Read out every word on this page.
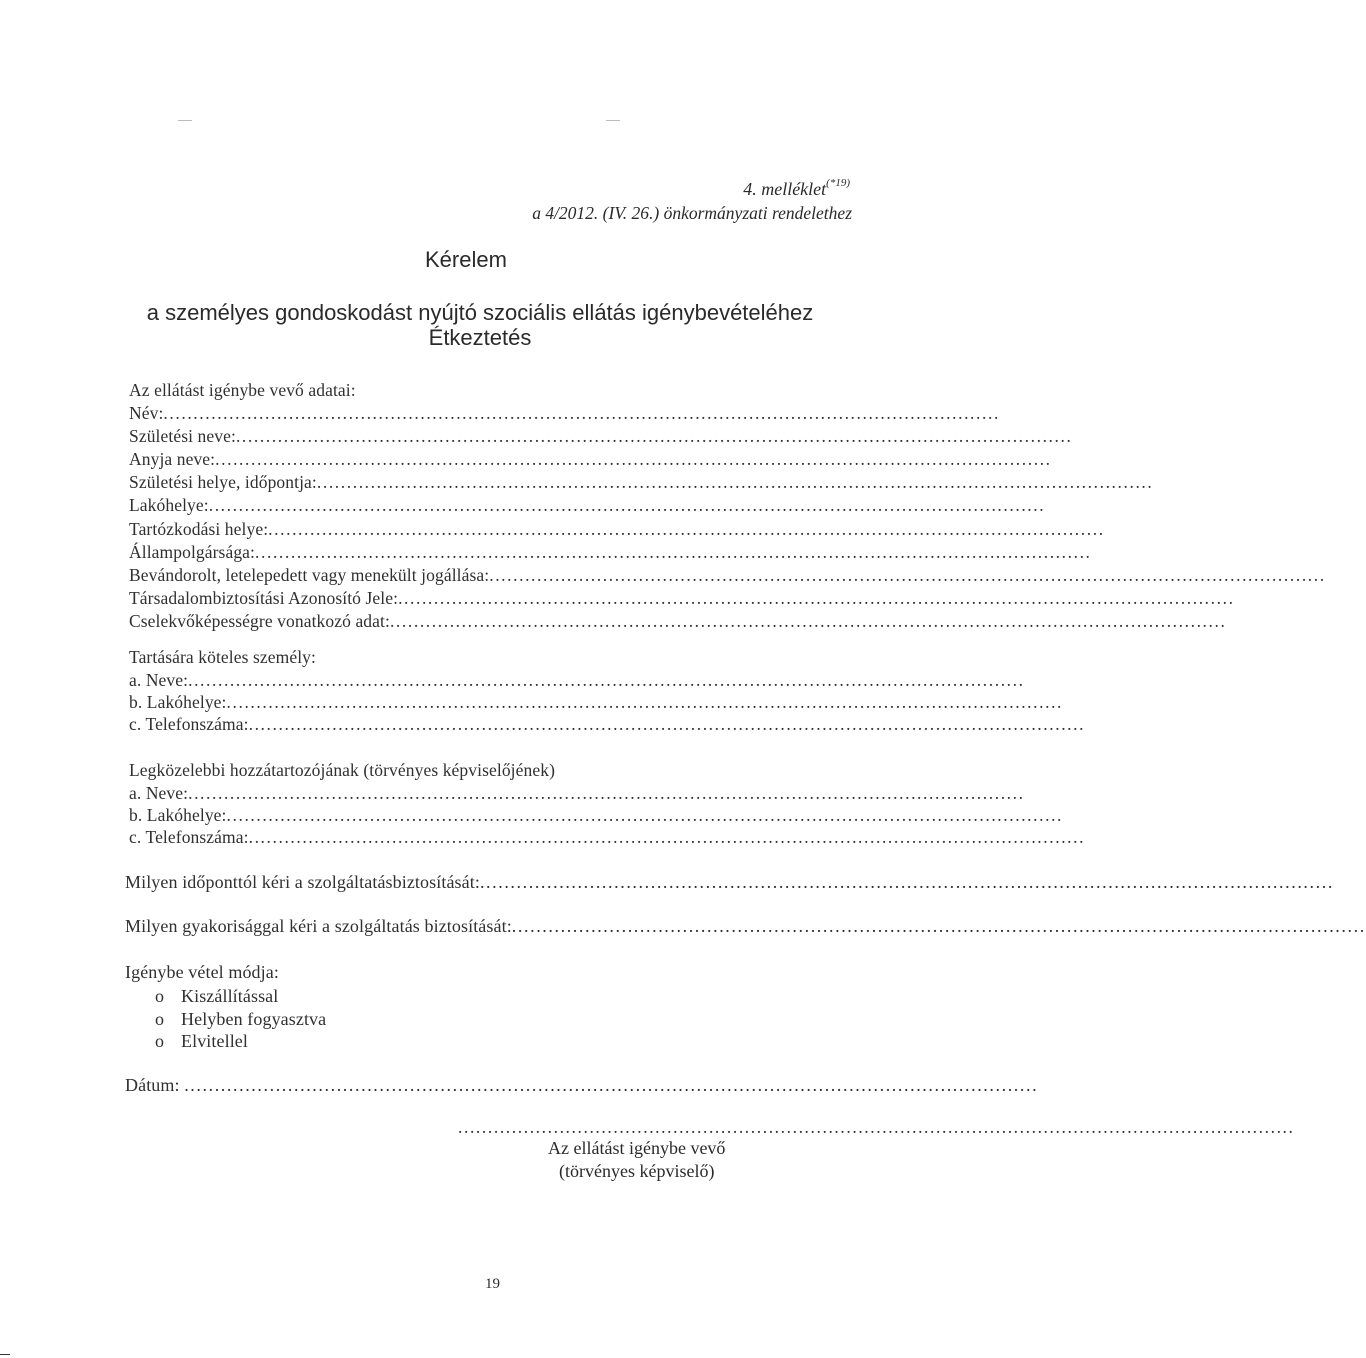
4. melléklet$^{(*19)}$
a 4/2012. (IV. 26.) önkormányzati rendelethez
Kérelem
a személyes gondoskodást nyújtó szociális ellátás igénybevételéhez
Étkeztetés
Az ellátást igénybe vevő adatai:
Név:............................................................................................................................................
Születési neve:............................................................................................................................................
Anyja neve:............................................................................................................................................
Születési helye, időpontja:............................................................................................................................................
Lakóhelye:............................................................................................................................................
Tartózkodási helye:............................................................................................................................................
Állampolgársága:............................................................................................................................................
Bevándorolt, letelepedett vagy menekült jogállása:............................................................................................................................................
Társadalombiztosítási Azonosító Jele:............................................................................................................................................
Cselekvőképességre vonatkozó adat:............................................................................................................................................
a. Neve:............................................................................................................................................
b. Lakóhelye:............................................................................................................................................
c. Telefonszáma:............................................................................................................................................
a. Neve:............................................................................................................................................
b. Lakóhelye:............................................................................................................................................
c. Telefonszáma:............................................................................................................................................
Tartására köteles személy:
Legközelebbi hozzátartozójának (törvényes képviselőjének)
Milyen időponttól kéri a szolgáltatásbiztosítását:............................................................................................................................................
Milyen gyakorisággal kéri a szolgáltatás biztosítását:............................................................................................................................................
Igénybe vétel módja:
o Kiszállítással
o Helyben fogyasztva
o Elvitellel
Dátum: ............................................................................................................................................
............................................................................................................................................
Az ellátást igénybe vevő
(törvényes képviselő)
19
